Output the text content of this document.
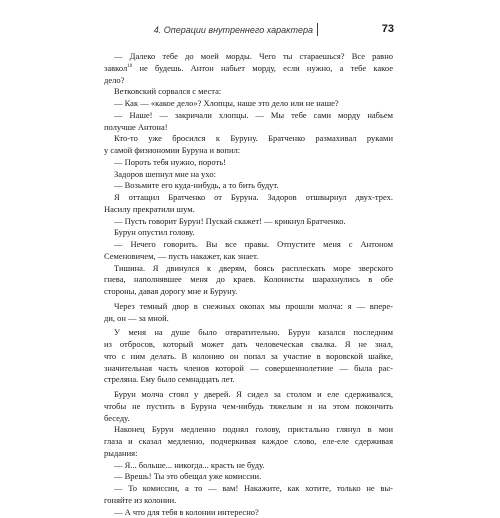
4. Операции внутреннего характера	73
— Далеко тебе до моей морды. Чего ты стараешься? Все равно
завкол$^{10}$ не будешь. Антон набьет морду, если нужно, а тебе какое
дело?
Ветковский сорвался с места:
— Как — «какое дело»? Хлопцы, наше это дело или не наше?
— Наше! — закричали хлопцы. — Мы тебе сами морду набьем
получше Антона!
Кто-то уже бросился к Буруну. Братченко размахивал руками
у самой физиономии Буруна и вопил:
— Пороть тебя нужно, пороть!
Задоров шепнул мне на ухо:
— Возьмите его куда-нибудь, а то бить будут.
Я оттащил Братченко от Буруна. Задоров отшвырнул двух-трех.
Насилу прекратили шум.
— Пусть говорит Бурун! Пускай скажет! — крикнул Братченко.
Бурун опустил голову.
— Нечего говорить. Вы все правы. Отпустите меня с Антоном
Семеновичем, — пусть накажет, как знает.
Тишина. Я двинулся к дверям, боясь расплескать море зверского
гнева, наполнявшее меня до краев. Колонисты шарахнулись в обе
стороны, давая дорогу мне и Буруну.
Через темный двор в снежных окопах мы прошли молча: я — впере-
ди, он — за мной.
У меня на душе было отвратительно. Бурун казался последним
из отбросов, который может дать человеческая свалка. Я не знал,
что с ним делать. В колонию он попал за участие в воровской шайке,
значительная часть членов которой — совершеннолетние — была рас-
стреляна. Ему было семнадцать лет.
Бурун молча стоял у дверей. Я сидел за столом и еле сдерживался,
чтобы не пустить в Буруна чем-нибудь тяжелым и на этом покончить
беседу.
Наконец Бурун медленно поднял голову, пристально глянул в мои
глаза и сказал медленно, подчеркивая каждое слово, еле-еле сдерживая
рыдания:
— Я... больше... никогда... красть не буду.
— Врешь! Ты это обещал уже комиссии.
— То комиссии, а то — вам! Накажите, как хотите, только не вы-
гоняйте из колонии.
— А что для тебя в колонии интересно?
